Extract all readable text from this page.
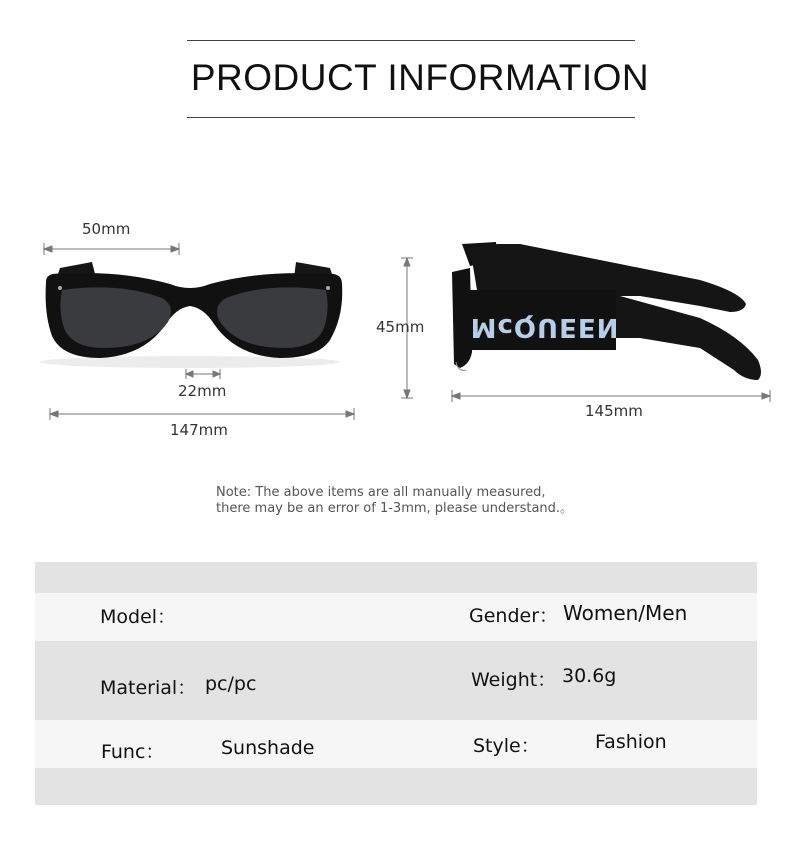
PRODUCT INFORMATION
50mm
22mm
147mm
McQUEEN
45mm
145mm
Note: The above items are all manually measured,
there may be an error of 1-3mm, please understand.。
Model：	Gender： Women/Men
Material： pc/pc	Weight： 30.6g
Func：	Sunshade	Style：	Fashion
